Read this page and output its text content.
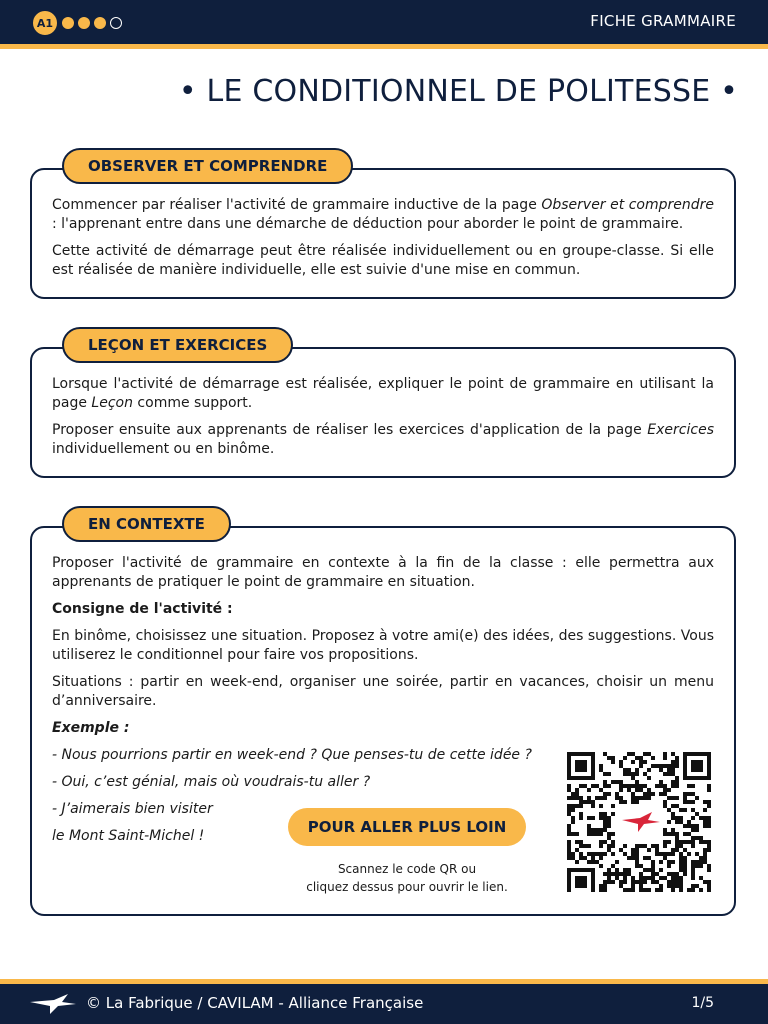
A1	FICHE GRAMMAIRE
• LE CONDITIONNEL DE POLITESSE •
OBSERVER ET COMPRENDRE

Commencer par réaliser l'activité de grammaire inductive de la page Observer et comprendre : l'apprenant entre dans une démarche de déduction pour aborder le point de grammaire.

Cette activité de démarrage peut être réalisée individuellement ou en groupe-classe. Si elle est réalisée de manière individuelle, elle est suivie d'une mise en commun.

LEÇON ET EXERCICES

Lorsque l'activité de démarrage est réalisée, expliquer le point de grammaire en utilisant la page Leçon comme support.

Proposer ensuite aux apprenants de réaliser les exercices d'application de la page Exercices individuellement ou en binôme.

EN CONTEXTE

Proposer l'activité de grammaire en contexte à la fin de la classe : elle permettra aux apprenants de pratiquer le point de grammaire en situation.

Consigne de l'activité :

En binôme, choisissez une situation. Proposez à votre ami(e) des idées, des suggestions. Vous utiliserez le conditionnel pour faire vos propositions.

Situations : partir en week-end, organiser une soirée, partir en vacances, choisir un menu d’anniversaire.

Exemple :

- Nous pourrions partir en week-end ? Que penses-tu de cette idée ?

- Oui, c’est génial, mais où voudrais-tu aller ?

- J’aimerais bien visiter

le Mont Saint-Michel !	POUR ALLER PLUS LOIN
Scannez le code QR ou
cliquez dessus pour ouvrir le lien.
© La Fabrique / CAVILAM - Alliance Française	1/5
